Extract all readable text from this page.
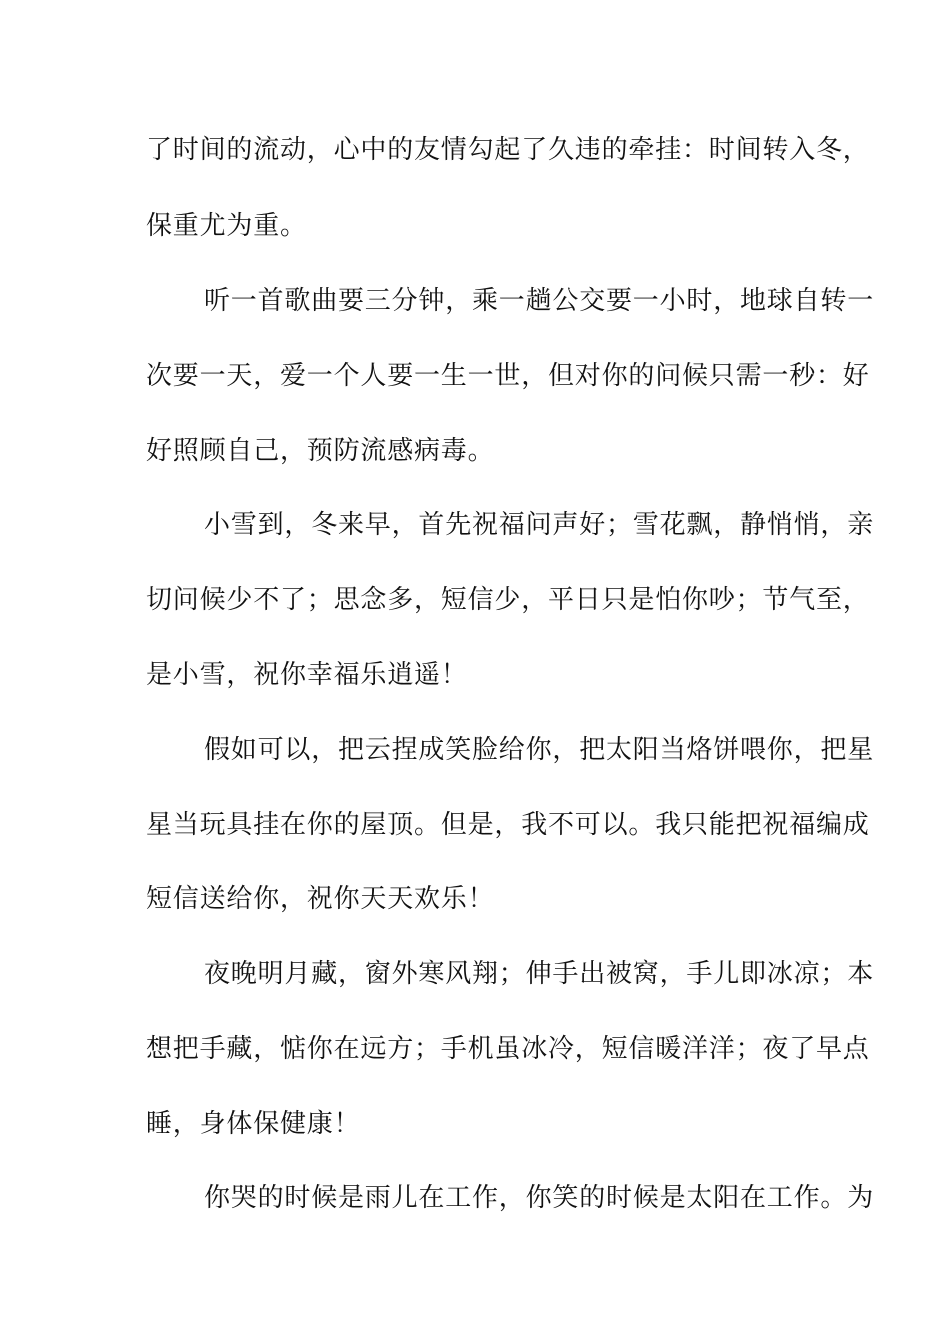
了时间的流动，心中的友情勾起了久违的牵挂：时间转入冬，
保重尤为重。
听一首歌曲要三分钟，乘一趟公交要一小时，地球自转一
次要一天，爱一个人要一生一世，但对你的问候只需一秒：好
好照顾自己，预防流感病毒。
小雪到，冬来早，首先祝福问声好；雪花飘，静悄悄，亲
切问候少不了；思念多，短信少，平日只是怕你吵；节气至，
是小雪，祝你幸福乐逍遥！
假如可以，把云捏成笑脸给你，把太阳当烙饼喂你，把星
星当玩具挂在你的屋顶。但是，我不可以。我只能把祝福编成
短信送给你，祝你天天欢乐！
夜晚明月藏，窗外寒风翔；伸手出被窝，手儿即冰凉；本
想把手藏，惦你在远方；手机虽冰冷，短信暖洋洋；夜了早点
睡，身体保健康！
你哭的时候是雨儿在工作，你笑的时候是太阳在工作。为
